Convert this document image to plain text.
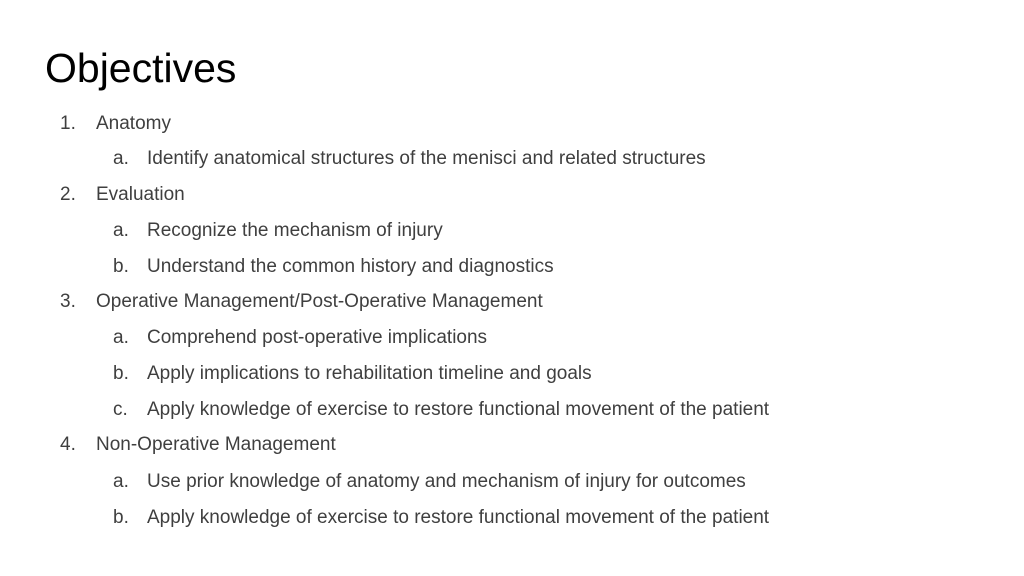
Objectives
1. Anatomy
a. Identify anatomical structures of the menisci and related structures
2. Evaluation
a. Recognize the mechanism of injury
b. Understand the common history and diagnostics
3. Operative Management/Post-Operative Management
a. Comprehend post-operative implications
b. Apply implications to rehabilitation timeline and goals
c. Apply knowledge of exercise to restore functional movement of the patient
4. Non-Operative Management
a. Use prior knowledge of anatomy and mechanism of injury for outcomes
b. Apply knowledge of exercise to restore functional movement of the patient
